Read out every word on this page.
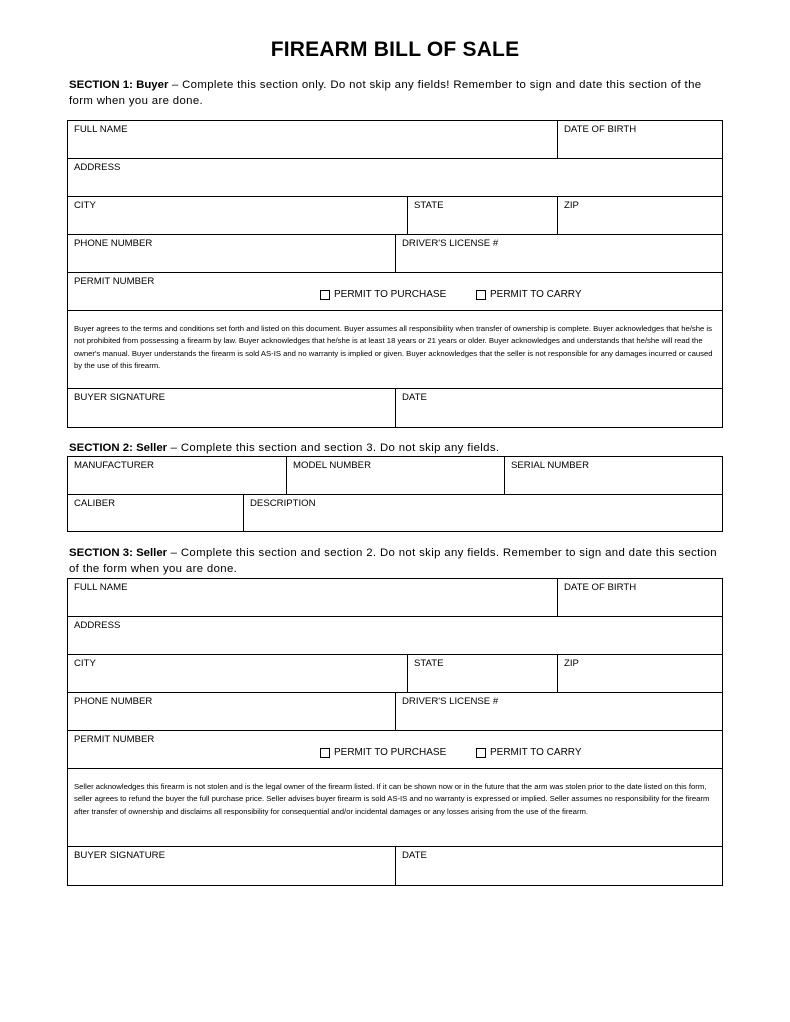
FIREARM BILL OF SALE
SECTION 1: Buyer – Complete this section only. Do not skip any fields! Remember to sign and date this section of the form when you are done.
FULL NAME	DATE OF BIRTH
ADDRESS
CITY	STATE	ZIP
PHONE NUMBER	DRIVER'S LICENSE #
PERMIT NUMBER
PERMIT TO PURCHASE	PERMIT TO CARRY
Buyer agrees to the terms and conditions set forth and listed on this document. Buyer assumes all responsibility when transfer of ownership is complete. Buyer acknowledges that he/she is not prohibited from possessing a firearm by law. Buyer acknowledges that he/she is at least 18 years or 21 years or older. Buyer acknowledges and understands that he/she will read the owner's manual. Buyer understands the firearm is sold AS-IS and no warranty is implied or given. Buyer acknowledges that the seller is not responsible for any damages incurred or caused by the use of this firearm.
BUYER SIGNATURE	DATE
SECTION 2: Seller – Complete this section and section 3. Do not skip any fields.
MANUFACTURER	MODEL NUMBER	SERIAL NUMBER
CALIBER	DESCRIPTION
SECTION 3: Seller – Complete this section and section 2. Do not skip any fields. Remember to sign and date this section of the form when you are done.
FULL NAME	DATE OF BIRTH
ADDRESS
CITY	STATE	ZIP
PHONE NUMBER	DRIVER'S LICENSE #
PERMIT NUMBER
PERMIT TO PURCHASE	PERMIT TO CARRY
Seller acknowledges this firearm is not stolen and is the legal owner of the firearm listed. If it can be shown now or in the future that the arm was stolen prior to the date listed on this form, seller agrees to refund the buyer the full purchase price. Seller advises buyer firearm is sold AS-IS and no warranty is expressed or implied. Seller assumes no responsibility for the firearm after transfer of ownership and disclaims all responsibility for consequential and/or incidental damages or any losses arising from the use of the firearm.
BUYER SIGNATURE	DATE
